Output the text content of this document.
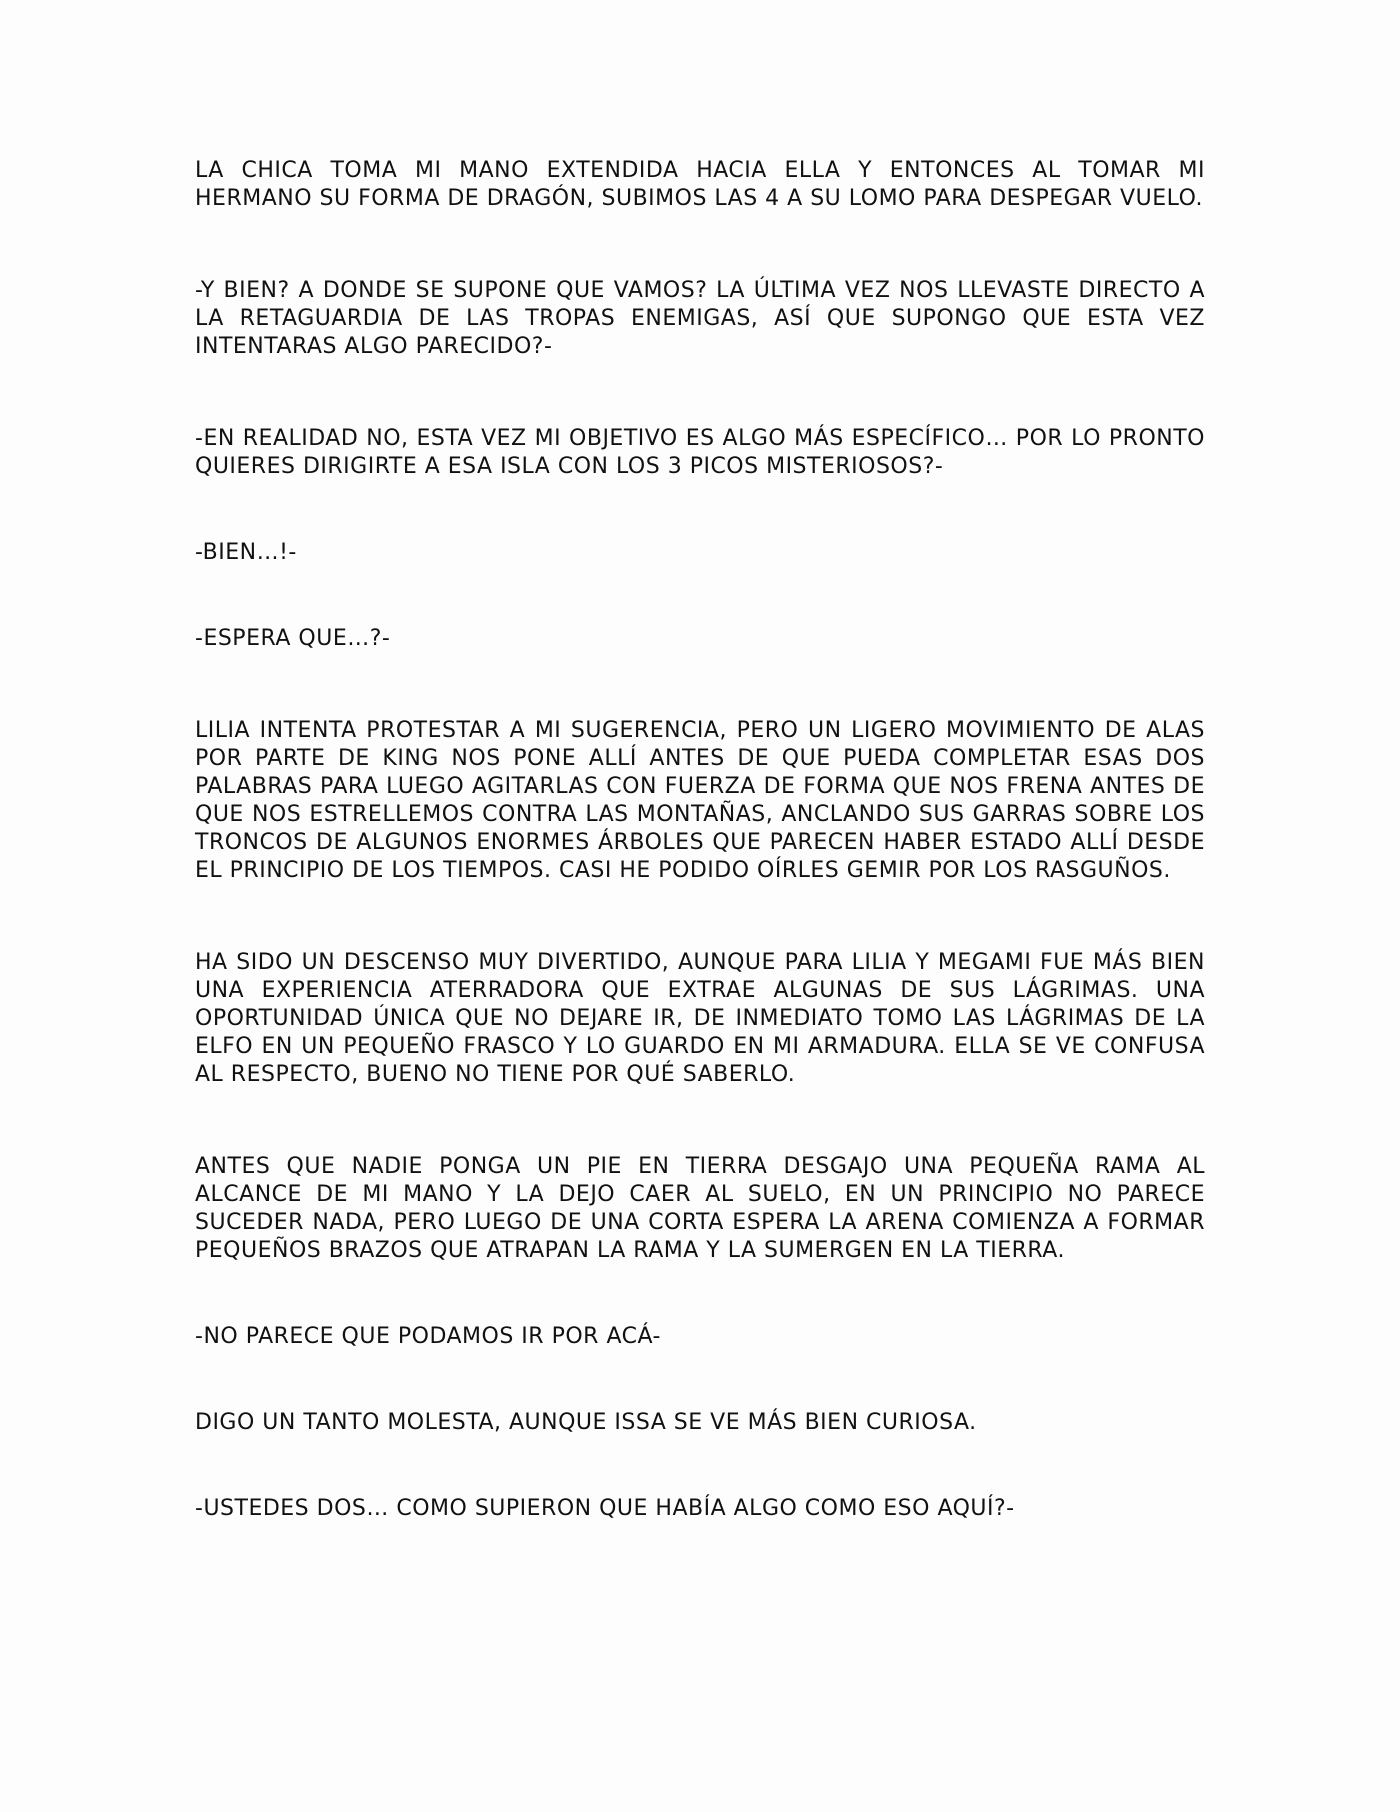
LA CHICA TOMA MI MANO EXTENDIDA HACIA ELLA Y ENTONCES AL TOMAR MI HERMANO SU FORMA DE DRAGÓN, SUBIMOS LAS 4 A SU LOMO PARA DESPEGAR VUELO.

-Y BIEN? A DONDE SE SUPONE QUE VAMOS? LA ÚLTIMA VEZ NOS LLEVASTE DIRECTO A LA RETAGUARDIA DE LAS TROPAS ENEMIGAS, ASÍ QUE SUPONGO QUE ESTA VEZ INTENTARAS ALGO PARECIDO?-

-EN REALIDAD NO, ESTA VEZ MI OBJETIVO ES ALGO MÁS ESPECÍFICO… POR LO PRONTO QUIERES DIRIGIRTE A ESA ISLA CON LOS 3 PICOS MISTERIOSOS?-

-BIEN…!-

-ESPERA QUE…?-

LILIA INTENTA PROTESTAR A MI SUGERENCIA, PERO UN LIGERO MOVIMIENTO DE ALAS POR PARTE DE KING NOS PONE ALLÍ ANTES DE QUE PUEDA COMPLETAR ESAS DOS PALABRAS PARA LUEGO AGITARLAS CON FUERZA DE FORMA QUE NOS FRENA ANTES DE QUE NOS ESTRELLEMOS CONTRA LAS MONTAÑAS, ANCLANDO SUS GARRAS SOBRE LOS TRONCOS DE ALGUNOS ENORMES ÁRBOLES QUE PARECEN HABER ESTADO ALLÍ DESDE EL PRINCIPIO DE LOS TIEMPOS. CASI HE PODIDO OÍRLES GEMIR POR LOS RASGUÑOS.

HA SIDO UN DESCENSO MUY DIVERTIDO, AUNQUE PARA LILIA Y MEGAMI FUE MÁS BIEN UNA EXPERIENCIA ATERRADORA QUE EXTRAE ALGUNAS DE SUS LÁGRIMAS. UNA OPORTUNIDAD ÚNICA QUE NO DEJARE IR, DE INMEDIATO TOMO LAS LÁGRIMAS DE LA ELFO EN UN PEQUEÑO FRASCO Y LO GUARDO EN MI ARMADURA. ELLA SE VE CONFUSA AL RESPECTO, BUENO NO TIENE POR QUÉ SABERLO.

ANTES QUE NADIE PONGA UN PIE EN TIERRA DESGAJO UNA PEQUEÑA RAMA AL ALCANCE DE MI MANO Y LA DEJO CAER AL SUELO, EN UN PRINCIPIO NO PARECE SUCEDER NADA, PERO LUEGO DE UNA CORTA ESPERA LA ARENA COMIENZA A FORMAR PEQUEÑOS BRAZOS QUE ATRAPAN LA RAMA Y LA SUMERGEN EN LA TIERRA.

-NO PARECE QUE PODAMOS IR POR ACÁ-

DIGO UN TANTO MOLESTA, AUNQUE ISSA SE VE MÁS BIEN CURIOSA.

-USTEDES DOS… COMO SUPIERON QUE HABÍA ALGO COMO ESO AQUÍ?-
